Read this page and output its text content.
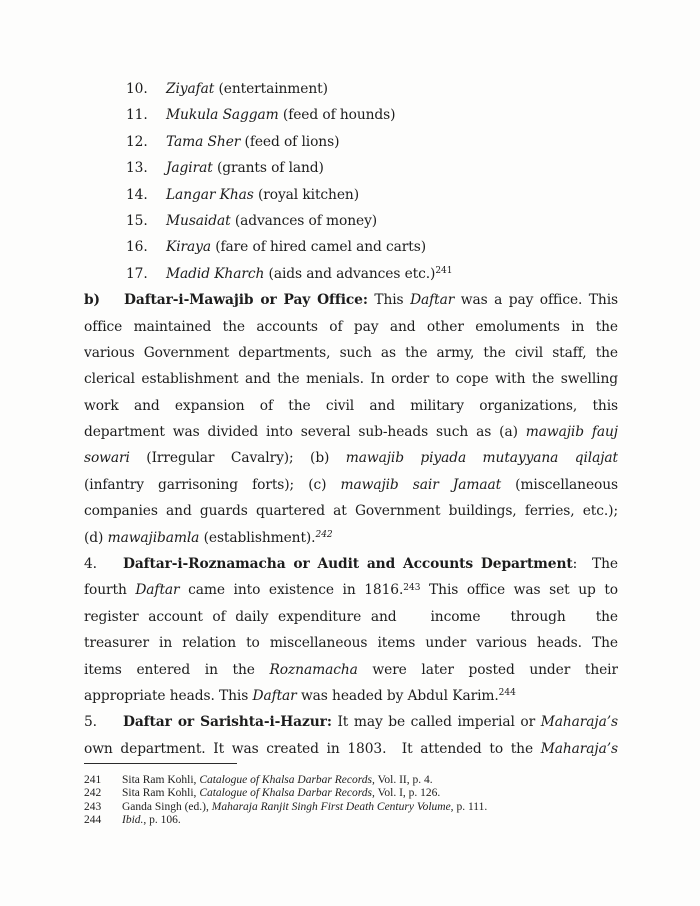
10. Ziyafat (entertainment)
11. Mukula Saggam (feed of hounds)
12. Tama Sher (feed of lions)
13. Jagirat (grants of land)
14. Langar Khas (royal kitchen)
15. Musaidat (advances of money)
16. Kiraya (fare of hired camel and carts)
17. Madid Kharch (aids and advances etc.)$^{241}$
b) Daftar-i-Mawajib or Pay Office: This Daftar was a pay office. This
office maintained the accounts of pay and other emoluments in the
various Government departments, such as the army, the civil staff, the
clerical establishment and the menials. In order to cope with the swelling
work and expansion of the civil and military organizations, this
department was divided into several sub-heads such as (a) mawajib fauj
sowari (Irregular Cavalry); (b) mawajib piyada mutayyana qilajat
(infantry garrisoning forts); (c) mawajib sair Jamaat (miscellaneous
companies and guards quartered at Government buildings, ferries, etc.);
(d) mawajibamla (establishment).$^{242}$
4. Daftar-i-Roznamacha or Audit and Accounts Department:  The
fourth Daftar came into existence in 1816.$^{243}$ This office was set up to
register account of daily expenditure and income through the
treasurer in relation to miscellaneous items under various heads. The
items entered in the Roznamacha were later posted under their
appropriate heads. This Daftar was headed by Abdul Karim.$^{244}$
5. Daftar or Sarishta-i-Hazur: It may be called imperial or Maharaja’s
own department. It was created in 1803.  It attended to the Maharaja’s
241 Sita Ram Kohli, Catalogue of Khalsa Darbar Records, Vol. II, p. 4.
242 Sita Ram Kohli, Catalogue of Khalsa Darbar Records, Vol. I, p. 126.
243 Ganda Singh (ed.), Maharaja Ranjit Singh First Death Century Volume, p. 111.
244 Ibid., p. 106.
